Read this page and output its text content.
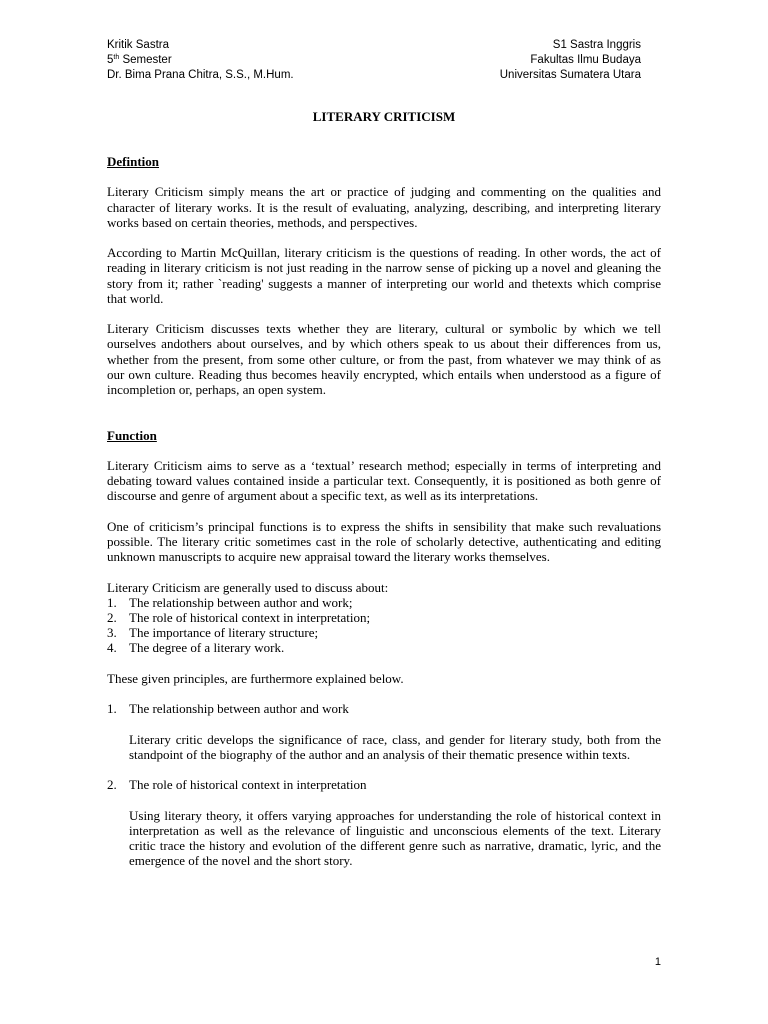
Kritik Sastra	S1 Sastra Inggris
5th Semester	Fakultas Ilmu Budaya
Dr. Bima Prana Chitra, S.S., M.Hum.	Universitas Sumatera Utara
LITERARY CRITICISM
Defintion

Literary Criticism simply means the art or practice of judging and commenting on the qualities and character of literary works. It is the result of evaluating, analyzing, describing, and interpreting literary works based on certain theories, methods, and perspectives.

According to Martin McQuillan, literary criticism is the questions of reading. In other words, the act of reading in literary criticism is not just reading in the narrow sense of picking up a novel and gleaning the story from it; rather `reading' suggests a manner of interpreting our world and thetexts which comprise that world.

Literary Criticism discusses texts whether they are literary, cultural or symbolic by which we tell ourselves andothers about ourselves, and by which others speak to us about their differences from us, whether from the present, from some other culture, or from the past, from whatever we may think of as our own culture. Reading thus becomes heavily encrypted, which entails when understood as a figure of incompletion or, perhaps, an open system.

Function

Literary Criticism aims to serve as a ‘textual’ research method; especially in terms of interpreting and debating toward values contained inside a particular text. Consequently, it is positioned as both genre of discourse and genre of argument about a specific text, as well as its interpretations.

One of criticism’s principal functions is to express the shifts in sensibility that make such revaluations possible. The literary critic sometimes cast in the role of scholarly detective, authenticating and editing unknown manuscripts to acquire new appraisal toward the literary works themselves.

Literary Criticism are generally used to discuss about:

1. The relationship between author and work;
2. The role of historical context in interpretation;
3. The importance of literary structure;
4. The degree of a literary work.

These given principles, are furthermore explained below.

1. The relationship between author and work

Literary critic develops the significance of race, class, and gender for literary study, both from the standpoint of the biography of the author and an analysis of their thematic presence within texts.

2. The role of historical context in interpretation

Using literary theory, it offers varying approaches for understanding the role of historical context in interpretation as well as the relevance of linguistic and unconscious elements of the text. Literary critic trace the history and evolution of the different genre such as narrative, dramatic, lyric, and the emergence of the novel and the short story.

1
